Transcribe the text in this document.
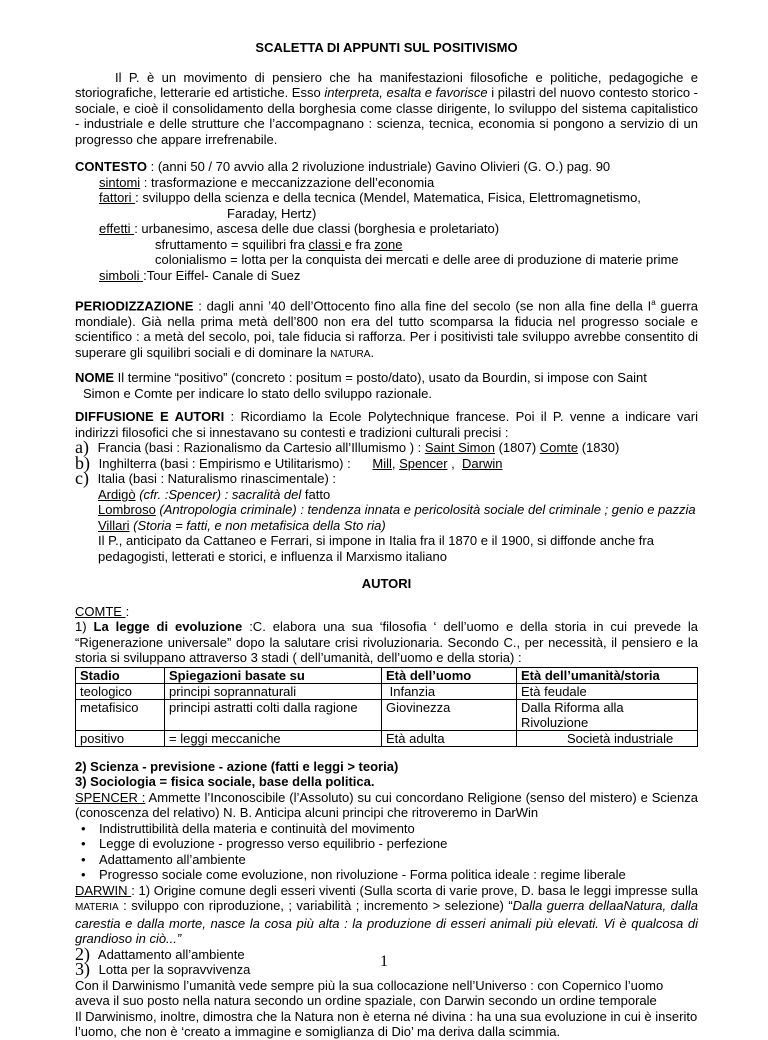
SCALETTA DI APPUNTI SUL POSITIVISMO

Il P. è un movimento di pensiero che ha manifestazioni filosofiche e politiche, pedagogiche e storiografiche, letterarie ed artistiche. Esso interpreta, esalta e favorisce i pilastri del nuovo contesto storico - sociale, e cioè il consolidamento della borghesia come classe dirigente, lo sviluppo del sistema capitalistico - industriale e delle strutture che l’accompagnano : scienza, tecnica, economia si pongono a servizio di un progresso che appare irrefrenabile.

CONTESTO : (anni 50 / 70 avvio alla 2 rivoluzione industriale) Gavino Olivieri (G. O.) pag. 90

sintomi : trasformazione e meccanizzazione dell’economia

fattori : sviluppo della scienza e della tecnica (Mendel, Matematica, Fisica, Elettromagnetismo,

Faraday, Hertz)

effetti : urbanesimo, ascesa delle due classi (borghesia e proletariato)

sfruttamento = squilibri fra classi e fra zone

colonialismo = lotta per la conquista dei mercati e delle aree di produzione di materie prime

simboli :Tour Eiffel- Canale di Suez

PERIODIZZAZIONE : dagli anni ’40 dell’Ottocento fino alla fine del secolo (se non alla fine della $I^a$ guerra mondiale). Già nella prima metà dell’800 non era del tutto scomparsa la fiducia nel progresso sociale e scientifico : a metà del secolo, poi, tale fiducia si rafforza. Per i positivisti tale sviluppo avrebbe consentito di superare gli squilibri sociali e di dominare la NATURA.

NOME Il termine “positivo” (concreto : positum = posto/dato), usato da Bourdin, si impose con Saint

Simon e Comte per indicare lo stato dello sviluppo razionale.

DIFFUSIONE E AUTORI : Ricordiamo la Ecole Polytechnique francese. Poi il P. venne a indicare vari indirizzi filosofici che si innestavano su contesti e tradizioni culturali precisi :

a) Francia (basi : Razionalismo da Cartesio all’Illumismo ) : Saint Simon (1807) Comte (1830)

b) Inghilterra (basi : Empirismo e Utilitarismo) :      Mill, Spencer ,  Darwin

c) Italia (basi : Naturalismo rinascimentale) :

Ardigò (cfr. :Spencer) : sacralità del fatto

Lombroso (Antropologia criminale) : tendenza innata e pericolosità sociale del criminale ; genio e pazzia

Villari (Storia = fatti, e non metafisica della Sto ria)

Il P., anticipato da Cattaneo e Ferrari, si impone in Italia fra il 1870 e il 1900, si diffonde anche fra

pedagogisti, letterati e storici, e influenza il Marxismo italiano

AUTORI

COMTE :

1) La legge di evoluzione :C. elabora una sua ‘filosofia ‘ dell’uomo e della storia in cui prevede la “Rigenerazione universale” dopo la salutare crisi rivoluzionaria. Secondo C., per necessità, il pensiero e la storia si sviluppano attraverso 3 stadi ( dell’umanità, dell’uomo e della storia) :

Stadio	Spiegazioni basate su	Età dell’uomo	Età dell’umanità/storia
teologico	principi soprannaturali	Infanzia	Età feudale
metafisico	principi astratti colti dalla ragione	Giovinezza	Dalla Riforma alla Rivoluzione
positivo	= leggi meccaniche	Età adulta	Società industriale

2) Scienza - previsione - azione (fatti e leggi > teoria)

3) Sociologia = fisica sociale, base della politica.

SPENCER : Ammette l’Inconoscibile (l’Assoluto) su cui concordano Religione (senso del mistero) e Scienza (conoscenza del relativo) N. B. Anticipa alcuni principi che ritroveremo in DarWin

• Indistruttibilità della materia e continuità del movimento
• Legge di evoluzione - progresso verso equilibrio - perfezione
• Adattamento all’ambiente
• Progresso sociale come evoluzione, non rivoluzione - Forma politica ideale : regime liberale

DARWIN : 1) Origine comune degli esseri viventi (Sulla scorta di varie prove, D. basa le leggi impresse sulla MATERIA : sviluppo con riproduzione, ; variabilità ; incremento > selezione) “Dalla guerra dellaaNatura, dalla carestia e dalla morte, nasce la cosa più alta : la produzione di esseri animali più elevati. Vi è qualcosa di grandioso in ciò...”

2) Adattamento all’ambiente

3) Lotta per la sopravvivenza

Con il Darwinismo l’umanità vede sempre più la sua collocazione nell’Universo : con Copernico l’uomo aveva il suo posto nella natura secondo un ordine spaziale, con Darwin secondo un ordine temporale

Il Darwinismo, inoltre, dimostra che la Natura non è eterna né divina : ha una sua evoluzione in cui è inserito l’uomo, che non è ‘creato a immagine e somiglianza di Dio’ ma deriva dalla scimmia.

1
